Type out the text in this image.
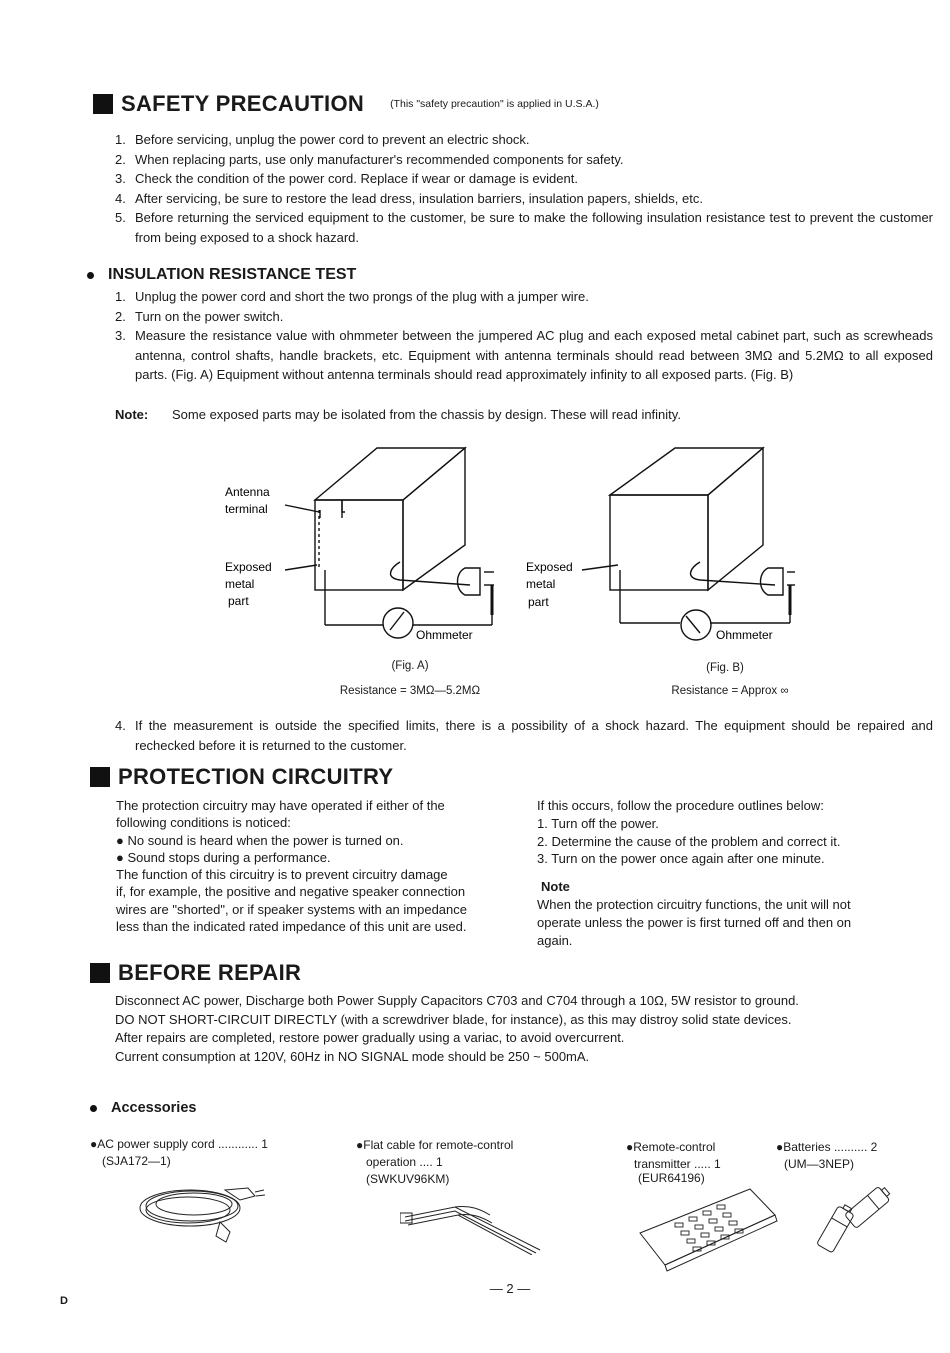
SAFETY PRECAUTION (This "safety precaution" is applied in U.S.A.)
1. Before servicing, unplug the power cord to prevent an electric shock.
2. When replacing parts, use only manufacturer's recommended components for safety.
3. Check the condition of the power cord. Replace if wear or damage is evident.
4. After servicing, be sure to restore the lead dress, insulation barriers, insulation papers, shields, etc.
5. Before returning the serviced equipment to the customer, be sure to make the following insulation resistance test to prevent the customer from being exposed to a shock hazard.
INSULATION RESISTANCE TEST
1. Unplug the power cord and short the two prongs of the plug with a jumper wire.
2. Turn on the power switch.
3. Measure the resistance value with ohmmeter between the jumpered AC plug and each exposed metal cabinet part, such as screwheads antenna, control shafts, handle brackets, etc. Equipment with antenna terminals should read between 3MΩ and 5.2MΩ to all exposed parts. (Fig. A) Equipment without antenna terminals should read approximately infinity to all exposed parts. (Fig. B)
Note: Some exposed parts may be isolated from the chassis by design. These will read infinity.
Antenna
terminal
Exposed
metal
part
Ohmmeter
(Fig. A)
Resistance = 3MΩ—5.2MΩ
Exposed
metal
part
Ohmmeter
(Fig. B)
Resistance = Approx ∞
4. If the measurement is outside the specified limits, there is a possibility of a shock hazard. The equipment should be repaired and rechecked before it is returned to the customer.
PROTECTION CIRCUITRY
The protection circuitry may have operated if either of the
following conditions is noticed:
● No sound is heard when the power is turned on.
● Sound stops during a performance.
The function of this circuitry is to prevent circuitry damage
if, for example, the positive and negative speaker connection
wires are "shorted", or if speaker systems with an impedance
less than the indicated rated impedance of this unit are used.
If this occurs, follow the procedure outlines below:
1. Turn off the power.
2. Determine the cause of the problem and correct it.
3. Turn on the power once again after one minute.
Note
When the protection circuitry functions, the unit will not
operate unless the power is first turned off and then on
again.
BEFORE REPAIR
Disconnect AC power, Discharge both Power Supply Capacitors C703 and C704 through a 10Ω, 5W resistor to ground.
DO NOT SHORT-CIRCUIT DIRECTLY (with a screwdriver blade, for instance), as this may distroy solid state devices.
After repairs are completed, restore power gradually using a variac, to avoid overcurrent.
Current consumption at 120V, 60Hz in NO SIGNAL mode should be 250 ~ 500mA.
Accessories
●AC power supply cord ............ 1
(SJA172—1)
●Flat cable for remote-control
operation .... 1
(SWKUV96KM)
●Remote-control
transmitter ..... 1
(EUR64196)
●Batteries .......... 2
(UM—3NEP)
— 2 —
D
